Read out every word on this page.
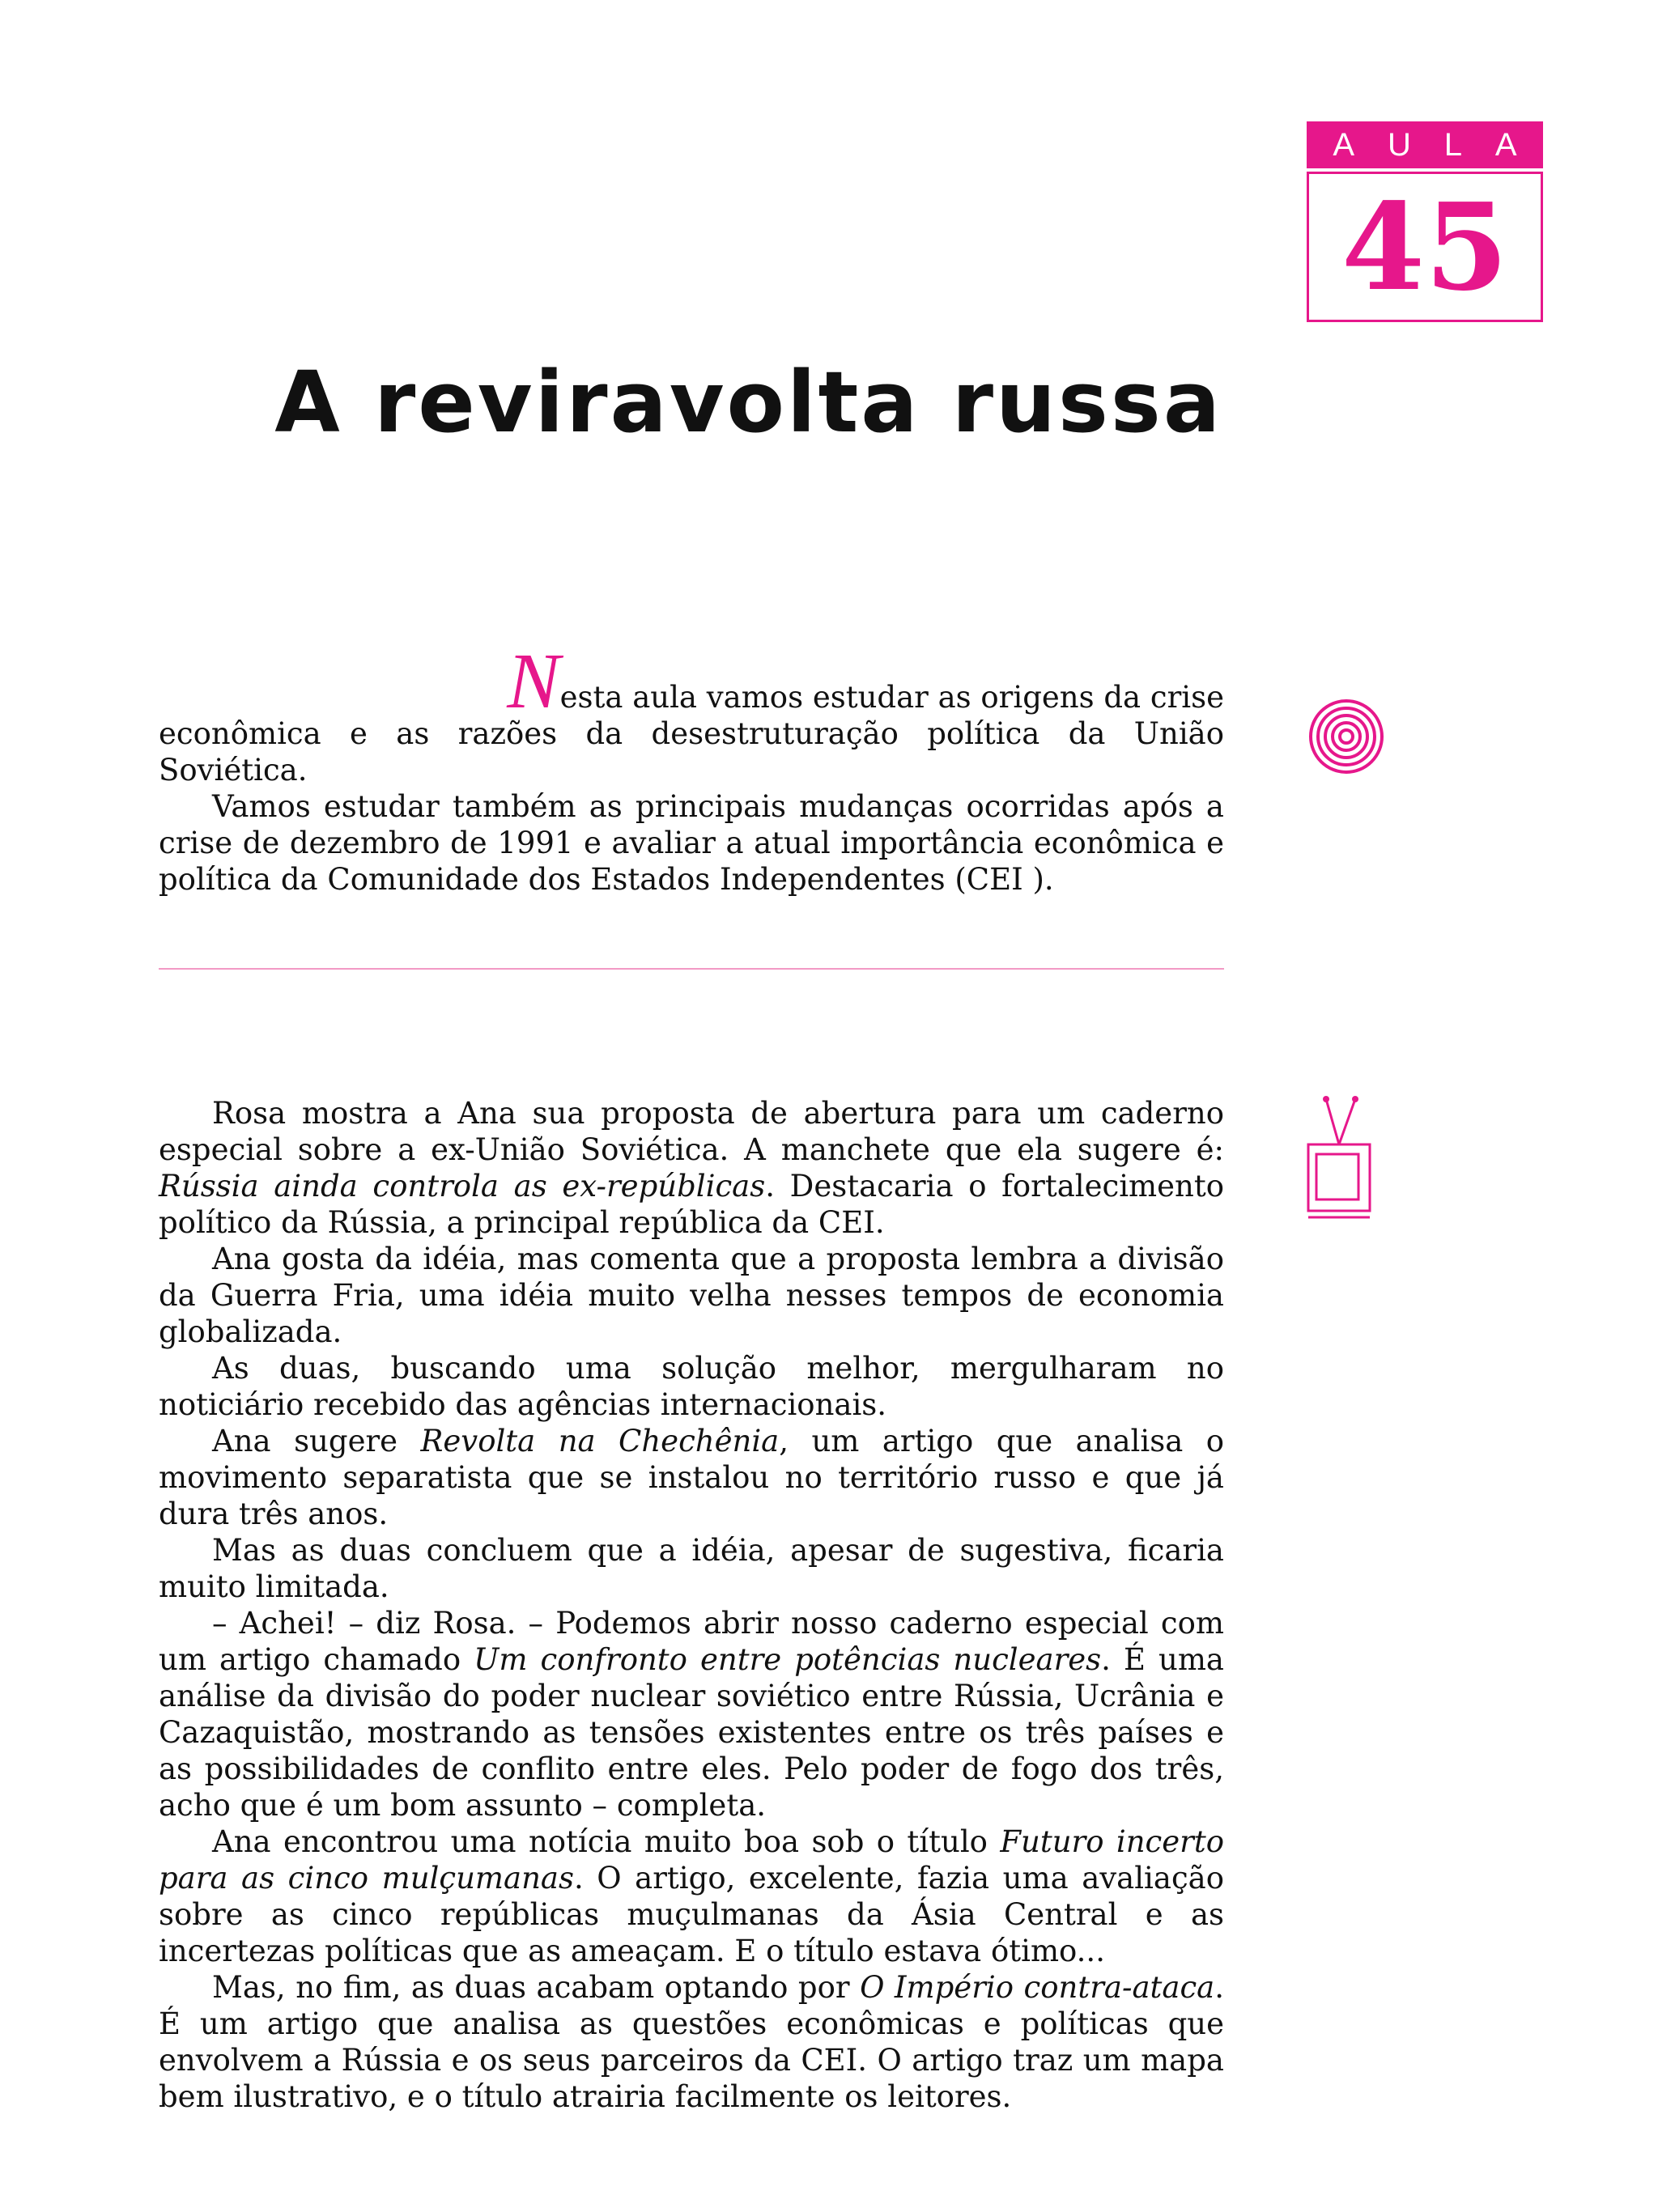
A U L A
45
A reviravolta russa

Nesta aula vamos estudar as origens da crise
econômica e as razões da desestruturação política da União Soviética.

Vamos estudar também as principais mudanças ocorridas após a crise de dezembro de 1991 e avaliar a atual importância econômica e política da Comunidade dos Estados Independentes (CEI ).

Rosa mostra a Ana sua proposta de abertura para um caderno especial sobre a ex-União Soviética. A manchete que ela sugere é: Rússia ainda controla as ex-repúblicas. Destacaria o fortalecimento político da Rússia, a principal república da CEI.

Ana gosta da idéia, mas comenta que a proposta lembra a divisão da Guerra Fria, uma idéia muito velha nesses tempos de economia globalizada.

As duas, buscando uma solução melhor, mergulharam no noticiário recebido das agências internacionais.

Ana sugere Revolta na Chechênia, um artigo que analisa o movimento separatista que se instalou no território russo e que já dura três anos.

Mas as duas concluem que a idéia, apesar de sugestiva, ficaria muito limitada.

– Achei! – diz Rosa. – Podemos abrir nosso caderno especial com um artigo chamado Um confronto entre potências nucleares. É uma análise da divisão do poder nuclear soviético entre Rússia, Ucrânia e Cazaquistão, mostrando as tensões existentes entre os três países e as possibilidades de conflito entre eles. Pelo poder de fogo dos três, acho que é um bom assunto – completa.

Ana encontrou uma notícia muito boa sob o título Futuro incerto para as cinco mulçumanas. O artigo, excelente, fazia uma avaliação sobre as cinco repúblicas muçulmanas da Ásia Central e as incertezas políticas que as ameaçam. E o título estava ótimo...

Mas, no fim, as duas acabam optando por O Império contra-ataca. É um artigo que analisa as questões econômicas e políticas que envolvem a Rússia e os seus parceiros da CEI. O artigo traz um mapa bem ilustrativo, e o título atrairia facilmente os leitores.
